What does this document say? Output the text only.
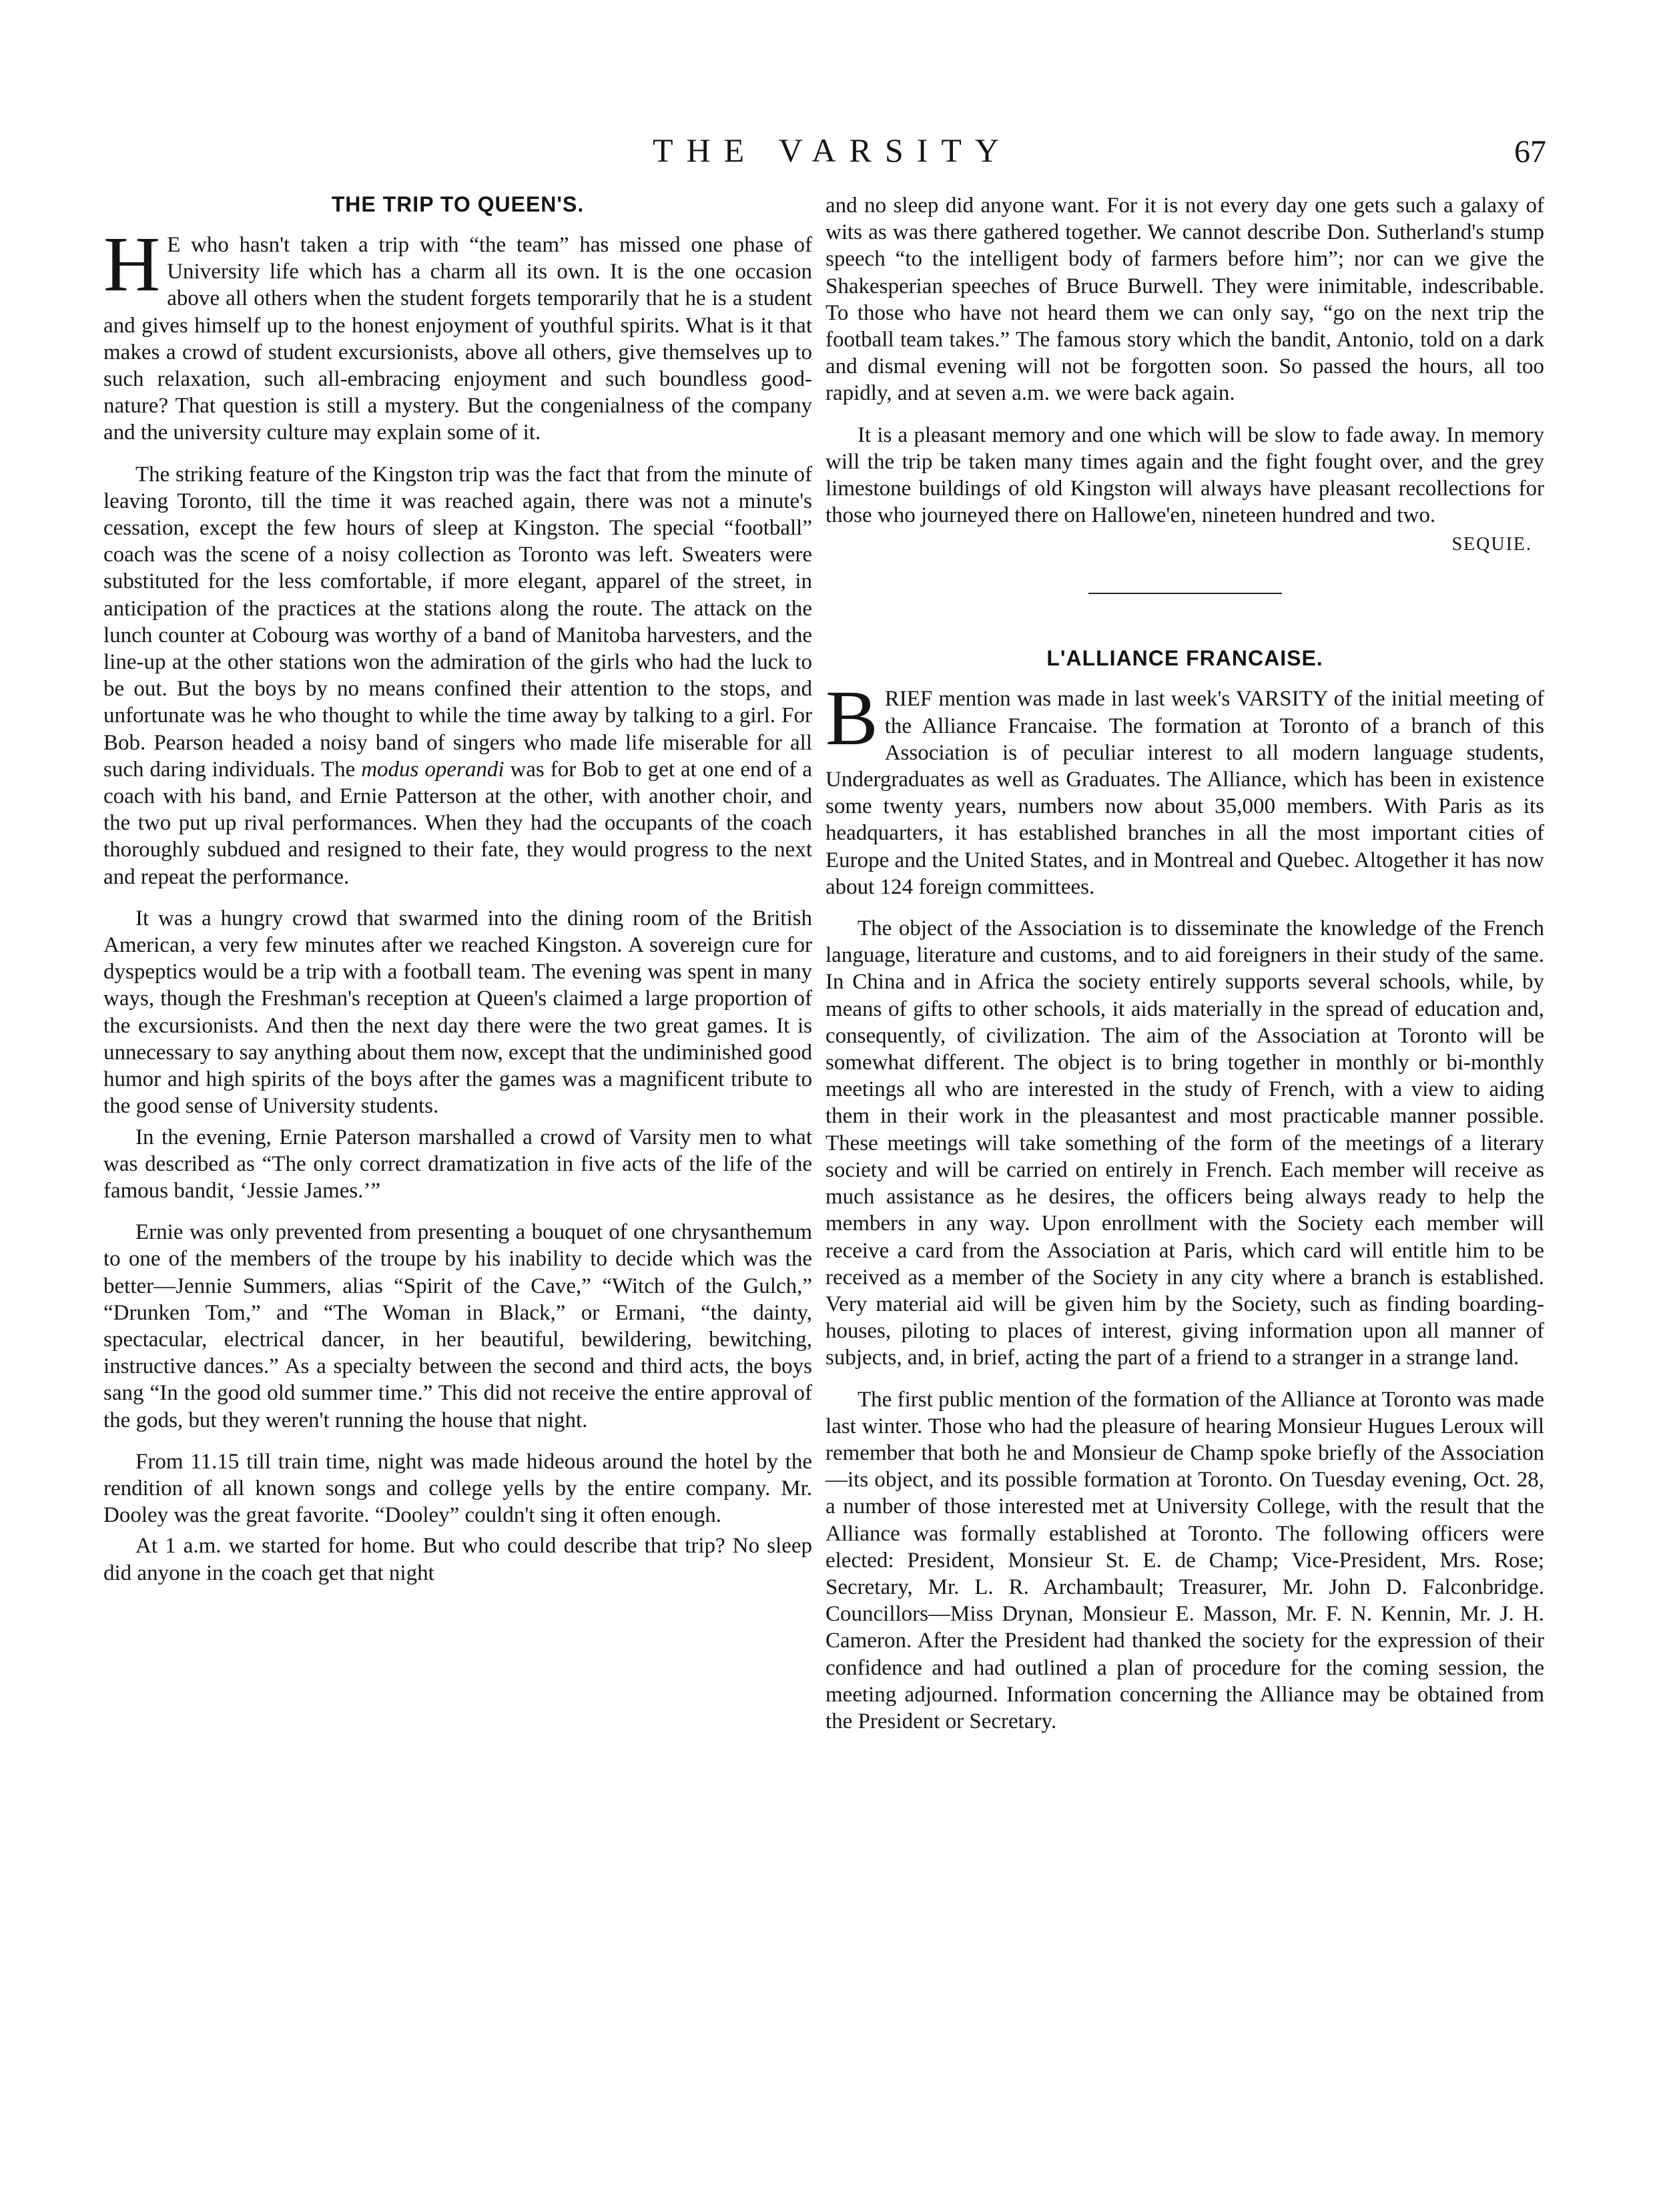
THE VARSITY	67
THE TRIP TO QUEEN'S.

H E who hasn't taken a trip with “the team” has missed one phase of University life which has a charm all its own. It is the one occasion above all others when the student forgets temporarily that he is a student and gives himself up to the honest enjoyment of youthful spirits. What is it that makes a crowd of student excursionists, above all others, give themselves up to such relaxation, such all-embracing enjoyment and such boundless good-nature? That question is still a mystery. But the congenialness of the company and the university culture may explain some of it.

The striking feature of the Kingston trip was the fact that from the minute of leaving Toronto, till the time it was reached again, there was not a minute's cessation, except the few hours of sleep at Kingston. The special “football” coach was the scene of a noisy collection as Toronto was left. Sweaters were substituted for the less comfortable, if more elegant, apparel of the street, in anticipation of the practices at the stations along the route. The attack on the lunch counter at Cobourg was worthy of a band of Manitoba harvesters, and the line-up at the other stations won the admiration of the girls who had the luck to be out. But the boys by no means confined their attention to the stops, and unfortunate was he who thought to while the time away by talking to a girl. For Bob. Pearson headed a noisy band of singers who made life miserable for all such daring individuals. The modus operandi was for Bob to get at one end of a coach with his band, and Ernie Patterson at the other, with another choir, and the two put up rival performances. When they had the occupants of the coach thoroughly subdued and resigned to their fate, they would progress to the next and repeat the performance.

It was a hungry crowd that swarmed into the dining room of the British American, a very few minutes after we reached Kingston. A sovereign cure for dyspeptics would be a trip with a football team. The evening was spent in many ways, though the Freshman's reception at Queen's claimed a large proportion of the excursionists. And then the next day there were the two great games. It is unnecessary to say anything about them now, except that the undiminished good humor and high spirits of the boys after the games was a magnificent tribute to the good sense of University students.

In the evening, Ernie Paterson marshalled a crowd of Varsity men to what was described as “The only correct dramatization in five acts of the life of the famous bandit, ‘Jessie James.’”

Ernie was only prevented from presenting a bouquet of one chrysanthemum to one of the members of the troupe by his inability to decide which was the better—Jennie Summers, alias “Spirit of the Cave,” “Witch of the Gulch,” “Drunken Tom,” and “The Woman in Black,” or Ermani, “the dainty, spectacular, electrical dancer, in her beautiful, bewildering, bewitching, instructive dances.” As a specialty between the second and third acts, the boys sang “In the good old summer time.” This did not receive the entire approval of the gods, but they weren't running the house that night.

From 11.15 till train time, night was made hideous around the hotel by the rendition of all known songs and college yells by the entire company. Mr. Dooley was the great favorite. “Dooley” couldn't sing it often enough.

At 1 a.m. we started for home. But who could describe that trip? No sleep did anyone in the coach get that night

and no sleep did anyone want. For it is not every day one gets such a galaxy of wits as was there gathered together. We cannot describe Don. Sutherland's stump speech “to the intelligent body of farmers before him”; nor can we give the Shakesperian speeches of Bruce Burwell. They were inimitable, indescribable. To those who have not heard them we can only say, “go on the next trip the football team takes.” The famous story which the bandit, Antonio, told on a dark and dismal evening will not be forgotten soon. So passed the hours, all too rapidly, and at seven a.m. we were back again.

It is a pleasant memory and one which will be slow to fade away. In memory will the trip be taken many times again and the fight fought over, and the grey limestone buildings of old Kingston will always have pleasant recollections for those who journeyed there on Hallowe'en, nineteen hundred and two.

SEQUIE.
L'ALLIANCE FRANCAISE.

BRIEF mention was made in last week's VARSITY of the initial meeting of the Alliance Francaise. The formation at Toronto of a branch of this Association is of peculiar interest to all modern language students, Undergraduates as well as Graduates. The Alliance, which has been in existence some twenty years, numbers now about 35,000 members. With Paris as its headquarters, it has established branches in all the most important cities of Europe and the United States, and in Montreal and Quebec. Altogether it has now about 124 foreign committees.

The object of the Association is to disseminate the knowledge of the French language, literature and customs, and to aid foreigners in their study of the same. In China and in Africa the society entirely supports several schools, while, by means of gifts to other schools, it aids materially in the spread of education and, consequently, of civilization. The aim of the Association at Toronto will be somewhat different. The object is to bring together in monthly or bi-monthly meetings all who are interested in the study of French, with a view to aiding them in their work in the pleasantest and most practicable manner possible. These meetings will take something of the form of the meetings of a literary society and will be carried on entirely in French. Each member will receive as much assistance as he desires, the officers being always ready to help the members in any way. Upon enrollment with the Society each member will receive a card from the Association at Paris, which card will entitle him to be received as a member of the Society in any city where a branch is established. Very material aid will be given him by the Society, such as finding boarding-houses, piloting to places of interest, giving information upon all manner of subjects, and, in brief, acting the part of a friend to a stranger in a strange land.

The first public mention of the formation of the Alliance at Toronto was made last winter. Those who had the pleasure of hearing Monsieur Hugues Leroux will remember that both he and Monsieur de Champ spoke briefly of the Association—its object, and its possible formation at Toronto. On Tuesday evening, Oct. 28, a number of those interested met at University College, with the result that the Alliance was formally established at Toronto. The following officers were elected: President, Monsieur St. E. de Champ; Vice-President, Mrs. Rose; Secretary, Mr. L. R. Archambault; Treasurer, Mr. John D. Falconbridge. Councillors—Miss Drynan, Monsieur E. Masson, Mr. F. N. Kennin, Mr. J. H. Cameron. After the President had thanked the society for the expression of their confidence and had outlined a plan of procedure for the coming session, the meeting adjourned. Information concerning the Alliance may be obtained from the President or Secretary.
